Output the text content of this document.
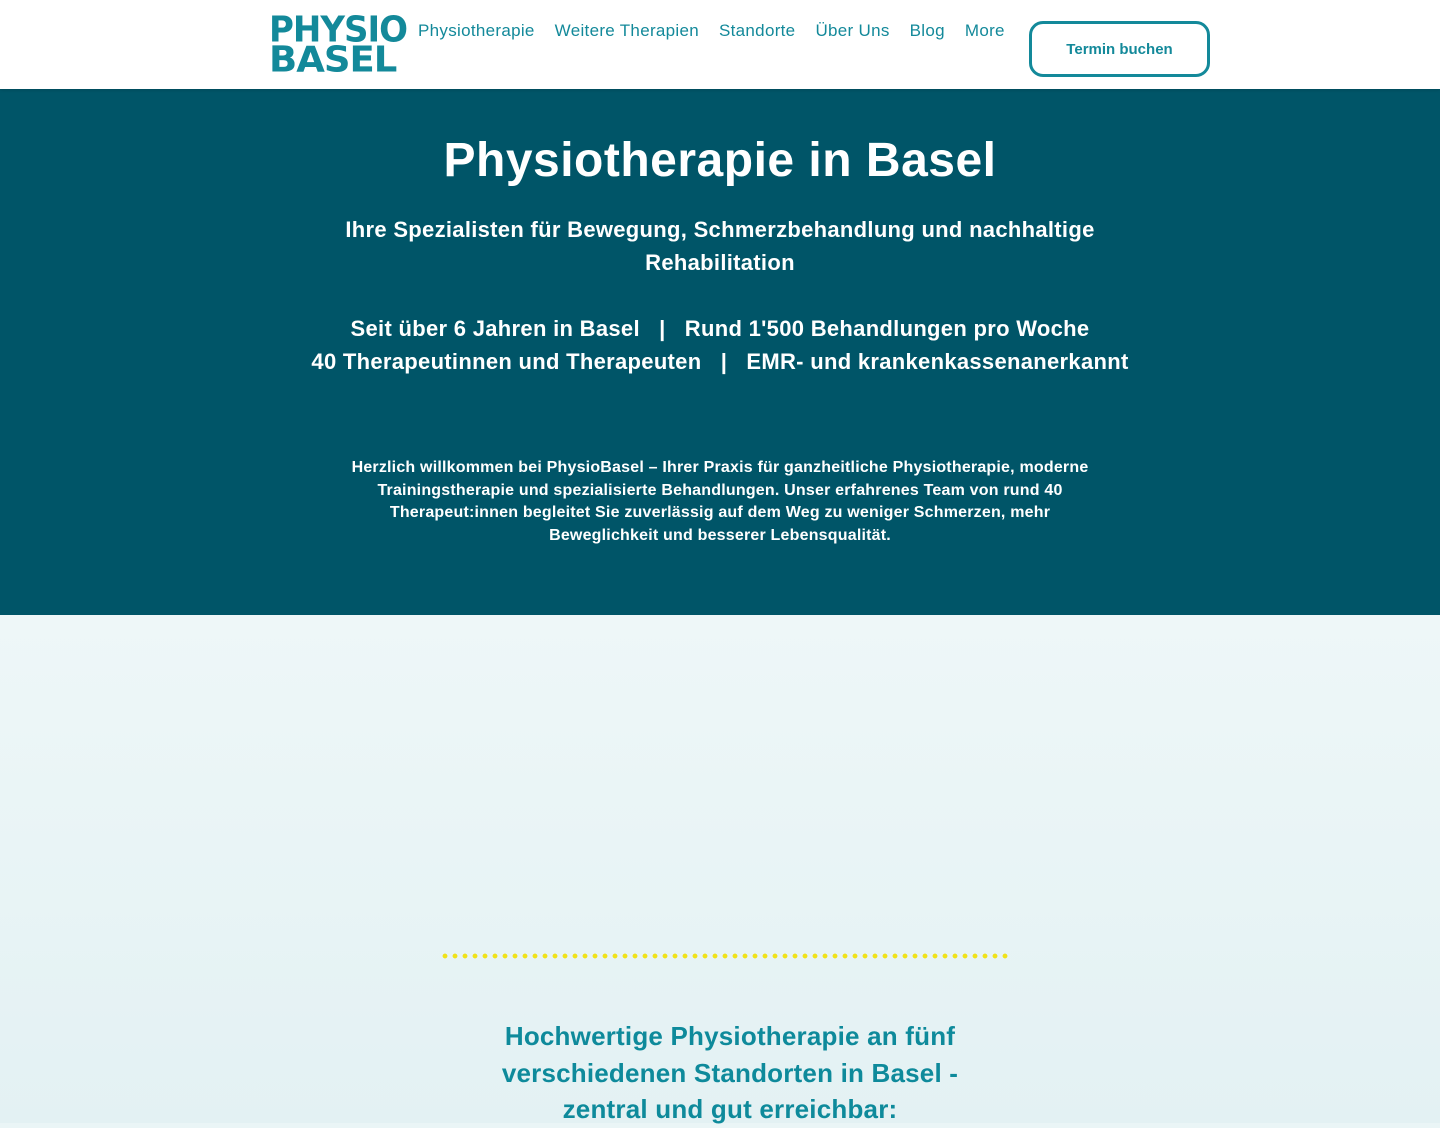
PHYSIO
BASEL
Physiotherapie Weitere Therapien Standorte Über Uns Blog More
Termin buchen
Physiotherapie in Basel

Ihre Spezialisten für Bewegung, Schmerzbehandlung und nachhaltige Rehabilitation

Seit über 6 Jahren in Basel   |   Rund 1'500 Behandlungen pro Woche
40 Therapeutinnen und Therapeuten   |   EMR- und krankenkassenanerkannt

Herzlich willkommen bei PhysioBasel – Ihrer Praxis für ganzheitliche Physiotherapie, moderne Trainingstherapie und spezialisierte Behandlungen. Unser erfahrenes Team von rund 40 Therapeut:innen begleitet Sie zuverlässig auf dem Weg zu weniger Schmerzen, mehr Beweglichkeit und besserer Lebensqualität.

Hochwertige Physiotherapie an fünf verschiedenen Standorten in Basel - zentral und gut erreichbar:
